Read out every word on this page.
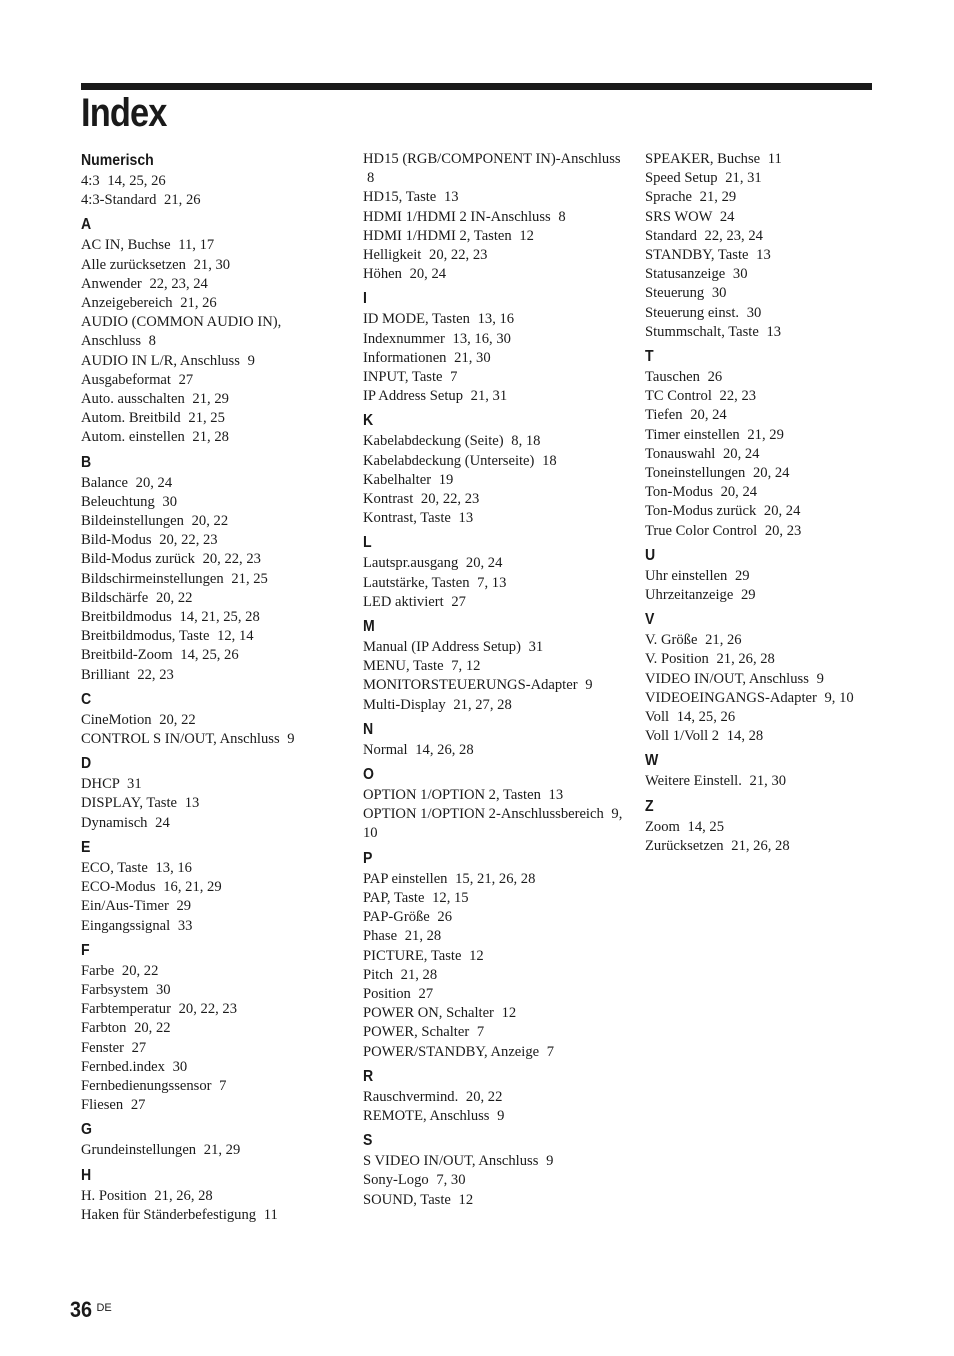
Index
Numerisch
4:3 14, 25, 26
4:3-Standard 21, 26
A
AC IN, Buchse 11, 17
Alle zurücksetzen 21, 30
Anwender 22, 23, 24
Anzeigebereich 21, 26
AUDIO (COMMON AUDIO IN), Anschluss 8
AUDIO IN L/R, Anschluss 9
Ausgabeformat 27
Auto. ausschalten 21, 29
Autom. Breitbild 21, 25
Autom. einstellen 21, 28
B
Balance 20, 24
Beleuchtung 30
Bildeinstellungen 20, 22
Bild-Modus 20, 22, 23
Bild-Modus zurück 20, 22, 23
Bildschirmeinstellungen 21, 25
Bildschärfe 20, 22
Breitbildmodus 14, 21, 25, 28
Breitbildmodus, Taste 12, 14
Breitbild-Zoom 14, 25, 26
Brilliant 22, 23
C
CineMotion 20, 22
CONTROL S IN/OUT, Anschluss 9
D
DHCP 31
DISPLAY, Taste 13
Dynamisch 24
E
ECO, Taste 13, 16
ECO-Modus 16, 21, 29
Ein/Aus-Timer 29
Eingangssignal 33
F
Farbe 20, 22
Farbsystem 30
Farbtemperatur 20, 22, 23
Farbton 20, 22
Fenster 27
Fernbed.index 30
Fernbedienungssensor 7
Fliesen 27
G
Grundeinstellungen 21, 29
H
H. Position 21, 26, 28
Haken für Ständerbefestigung 11
HD15 (RGB/COMPONENT IN)-Anschluss 8
HD15, Taste 13
HDMI 1/HDMI 2 IN-Anschluss 8
HDMI 1/HDMI 2, Tasten 12
Helligkeit 20, 22, 23
Höhen 20, 24
I
ID MODE, Tasten 13, 16
Indexnummer 13, 16, 30
Informationen 21, 30
INPUT, Taste 7
IP Address Setup 21, 31
K
Kabelabdeckung (Seite) 8, 18
Kabelabdeckung (Unterseite) 18
Kabelhalter 19
Kontrast 20, 22, 23
Kontrast, Taste 13
L
Lautspr.ausgang 20, 24
Lautstärke, Tasten 7, 13
LED aktiviert 27
M
Manual (IP Address Setup) 31
MENU, Taste 7, 12
MONITORSTEUERUNGS-Adapter 9
Multi-Display 21, 27, 28
N
Normal 14, 26, 28
O
OPTION 1/OPTION 2, Tasten 13
OPTION 1/OPTION 2-Anschlussbereich 9, 10
P
PAP einstellen 15, 21, 26, 28
PAP, Taste 12, 15
PAP-Größe 26
Phase 21, 28
PICTURE, Taste 12
Pitch 21, 28
Position 27
POWER ON, Schalter 12
POWER, Schalter 7
POWER/STANDBY, Anzeige 7
R
Rauschvermind. 20, 22
REMOTE, Anschluss 9
S
S VIDEO IN/OUT, Anschluss 9
Sony-Logo 7, 30
SOUND, Taste 12
SPEAKER, Buchse 11
Speed Setup 21, 31
Sprache 21, 29
SRS WOW 24
Standard 22, 23, 24
STANDBY, Taste 13
Statusanzeige 30
Steuerung 30
Steuerung einst. 30
Stummschalt, Taste 13
T
Tauschen 26
TC Control 22, 23
Tiefen 20, 24
Timer einstellen 21, 29
Tonauswahl 20, 24
Toneinstellungen 20, 24
Ton-Modus 20, 24
Ton-Modus zurück 20, 24
True Color Control 20, 23
U
Uhr einstellen 29
Uhrzeitanzeige 29
V
V. Größe 21, 26
V. Position 21, 26, 28
VIDEO IN/OUT, Anschluss 9
VIDEOEINGANGS-Adapter 9, 10
Voll 14, 25, 26
Voll 1/Voll 2 14, 28
W
Weitere Einstell. 21, 30
Z
Zoom 14, 25
Zurücksetzen 21, 26, 28
36 $^{DE}$
